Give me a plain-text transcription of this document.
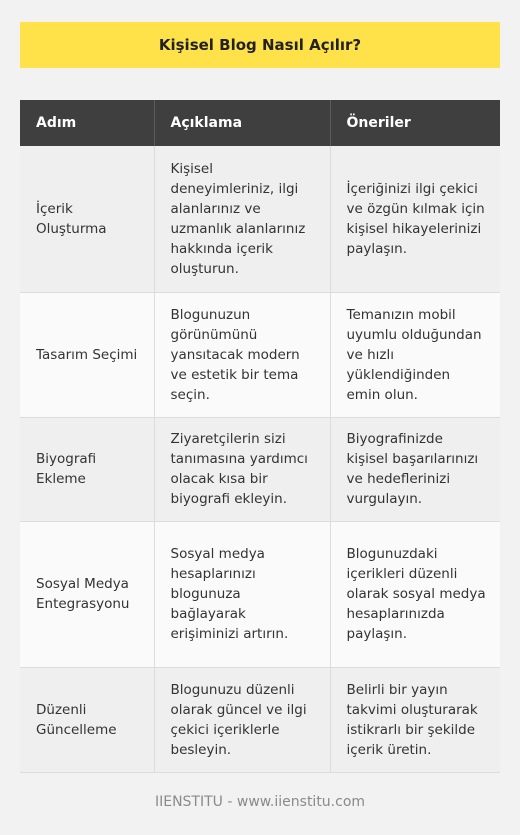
Kişisel Blog Nasıl Açılır?
Adım	Açıklama	Öneriler
İçerik Oluşturma	Kişisel deneyimleriniz, ilgi alanlarınız ve uzmanlık alanlarınız hakkında içerik oluşturun.	İçeriğinizi ilgi çekici ve özgün kılmak için kişisel hikayelerinizi paylaşın.
Tasarım Seçimi	Blogunuzun görünümünü yansıtacak modern ve estetik bir tema seçin.	Temanızın mobil uyumlu olduğundan ve hızlı yüklendiğinden emin olun.
Biyografi Ekleme	Ziyaretçilerin sizi tanımasına yardımcı olacak kısa bir biyografi ekleyin.	Biyografinizde kişisel başarılarınızı ve hedeflerinizi vurgulayın.
Sosyal Medya Entegrasyonu	Sosyal medya hesaplarınızı blogunuza bağlayarak erişiminizi artırın.	Blogunuzdaki içerikleri düzenli olarak sosyal medya hesaplarınızda paylaşın.
Düzenli Güncelleme	Blogunuzu düzenli olarak güncel ve ilgi çekici içeriklerle besleyin.	Belirli bir yayın takvimi oluşturarak istikrarlı bir şekilde içerik üretin.
IIENSTITU - www.iienstitu.com
